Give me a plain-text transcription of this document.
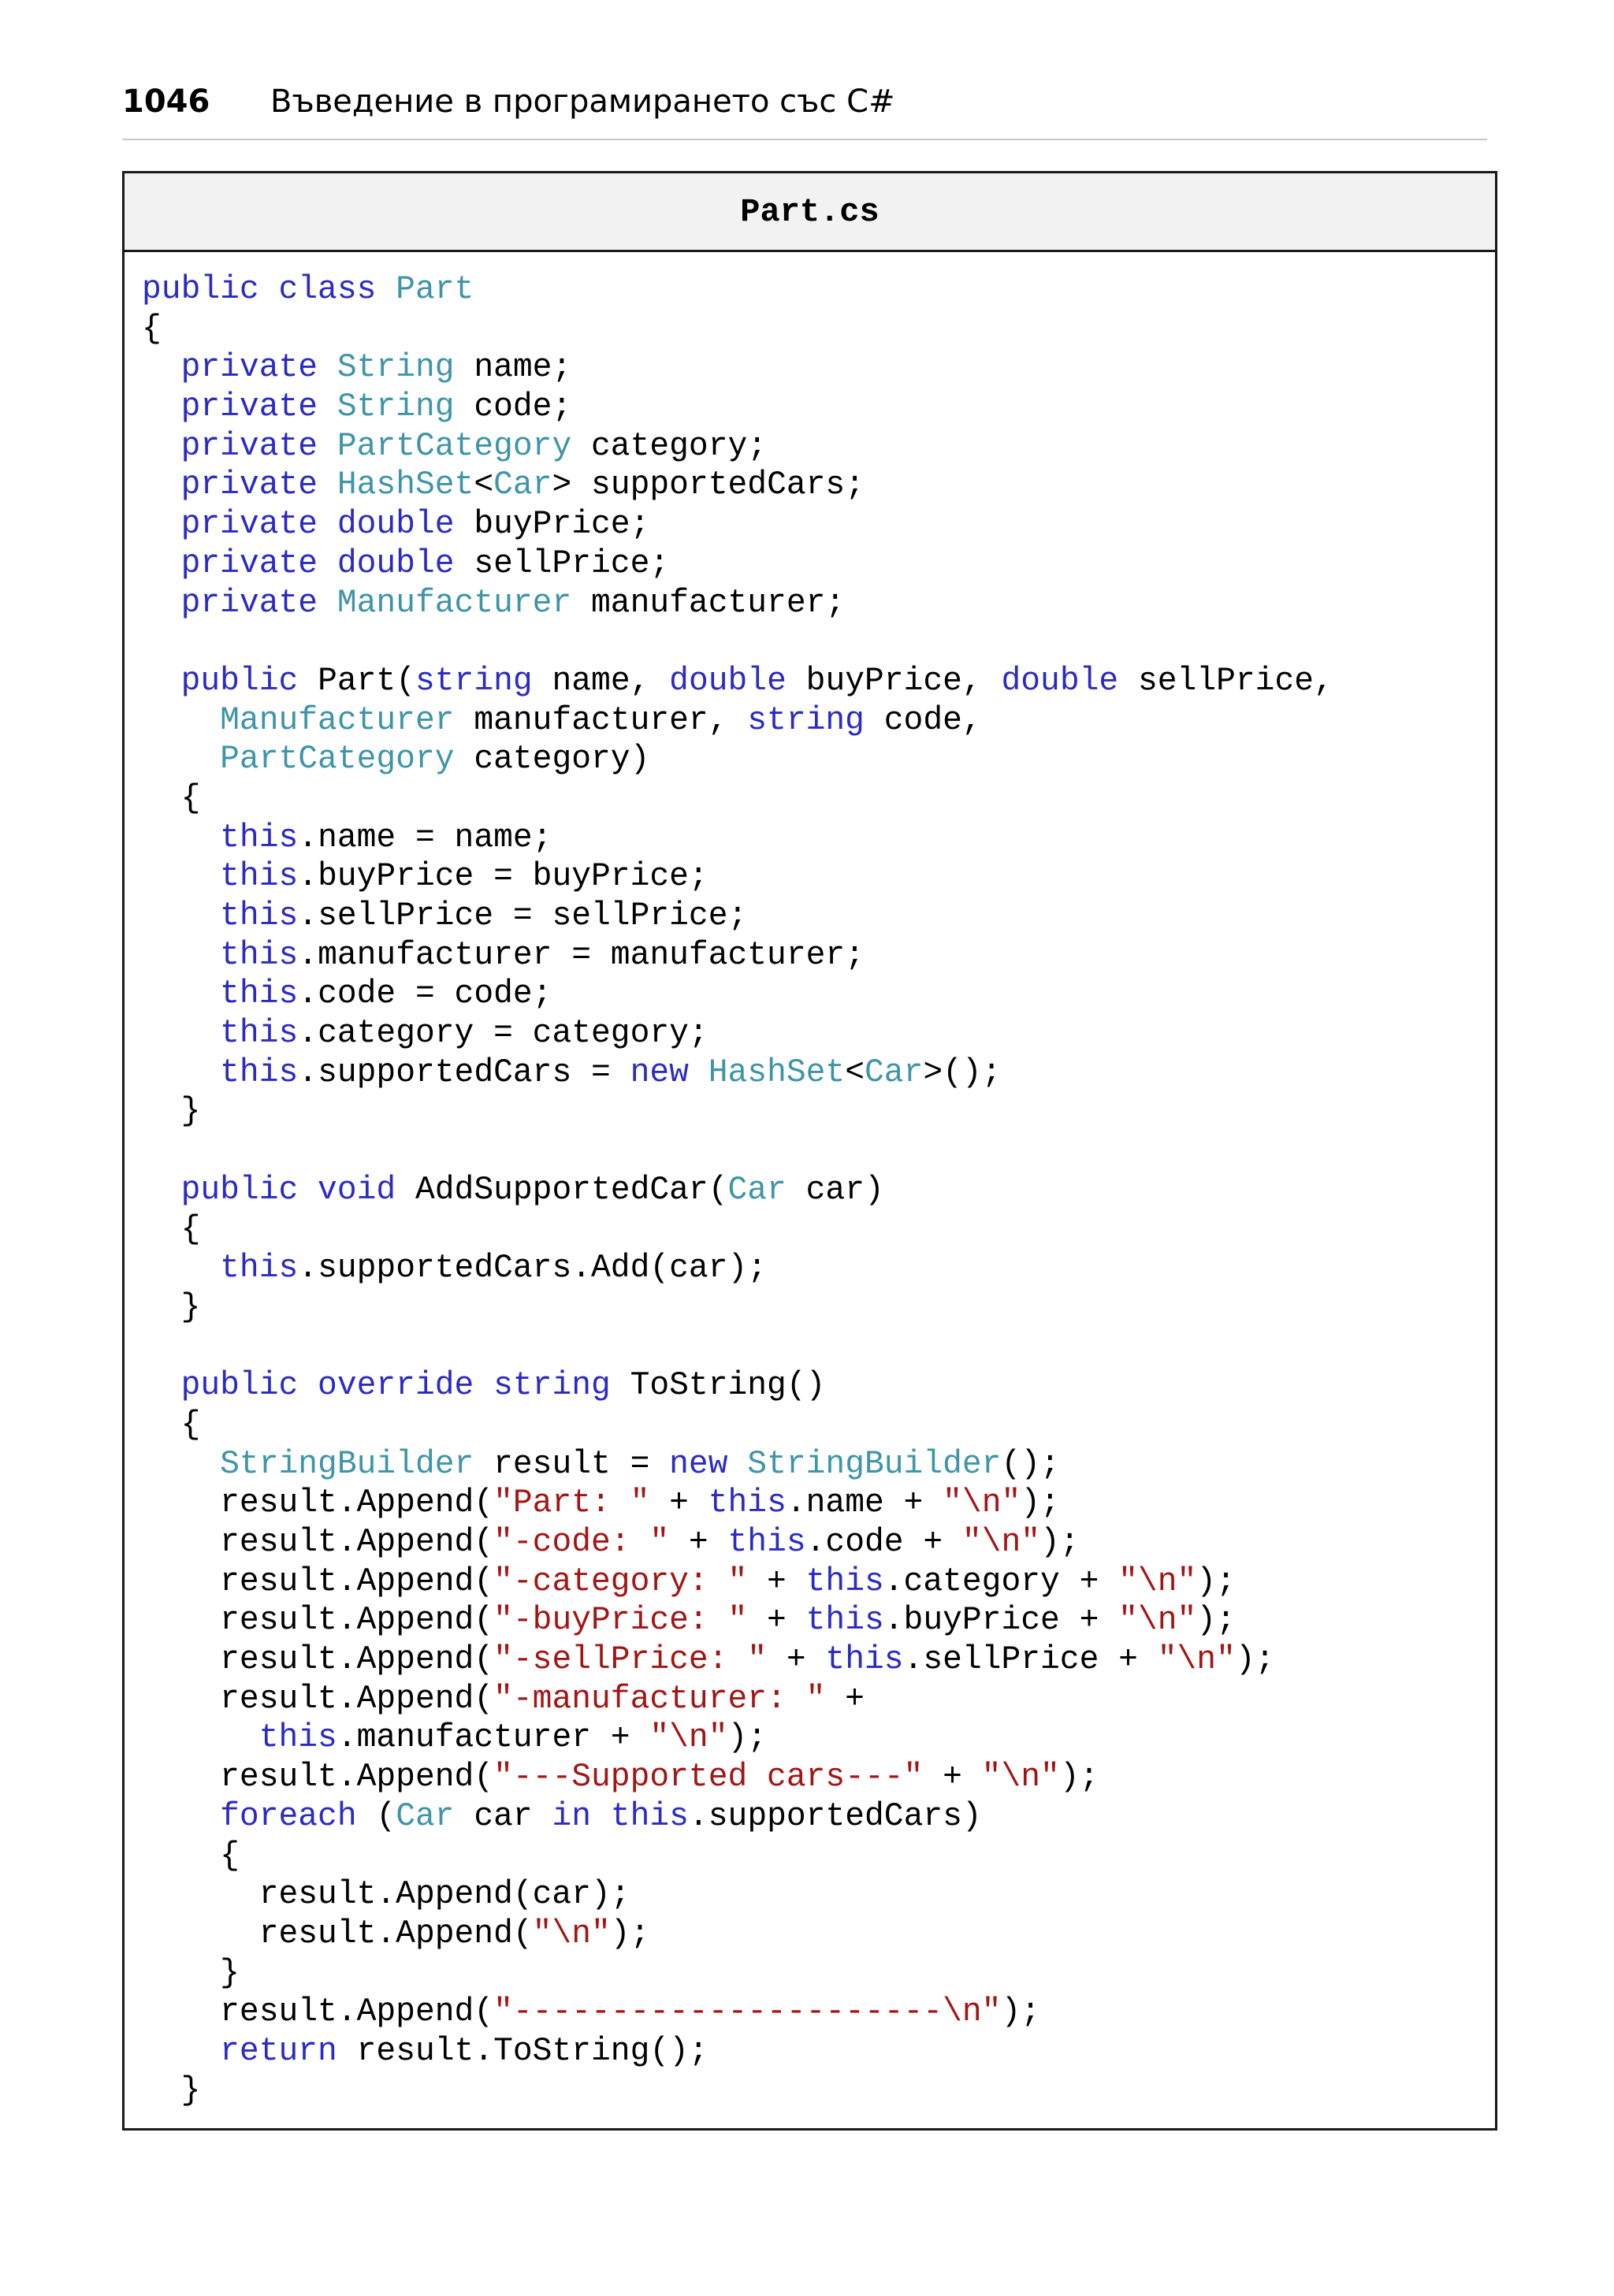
1046 Въведение в програмирането със C#
Part.cs
public class Part
{
private String name;
private String code;
private PartCategory category;
private HashSet<Car> supportedCars;
private double buyPrice;
private double sellPrice;
private Manufacturer manufacturer;
public Part(string name, double buyPrice, double sellPrice,
Manufacturer manufacturer, string code,
PartCategory category)
{
this.name = name;
this.buyPrice = buyPrice;
this.sellPrice = sellPrice;
this.manufacturer = manufacturer;
this.code = code;
this.category = category;
this.supportedCars = new HashSet<Car>();
}
public void AddSupportedCar(Car car)
{
this.supportedCars.Add(car);
}
public override string ToString()
{
StringBuilder result = new StringBuilder();
result.Append("Part: " + this.name + "\n");
result.Append("-code: " + this.code + "\n");
result.Append("-category: " + this.category + "\n");
result.Append("-buyPrice: " + this.buyPrice + "\n");
result.Append("-sellPrice: " + this.sellPrice + "\n");
result.Append("-manufacturer: " +
this.manufacturer + "\n");
result.Append("---Supported cars---" + "\n");
foreach (Car car in this.supportedCars)
{
result.Append(car);
result.Append("\n");
}
result.Append("----------------------\n");
return result.ToString();
}
